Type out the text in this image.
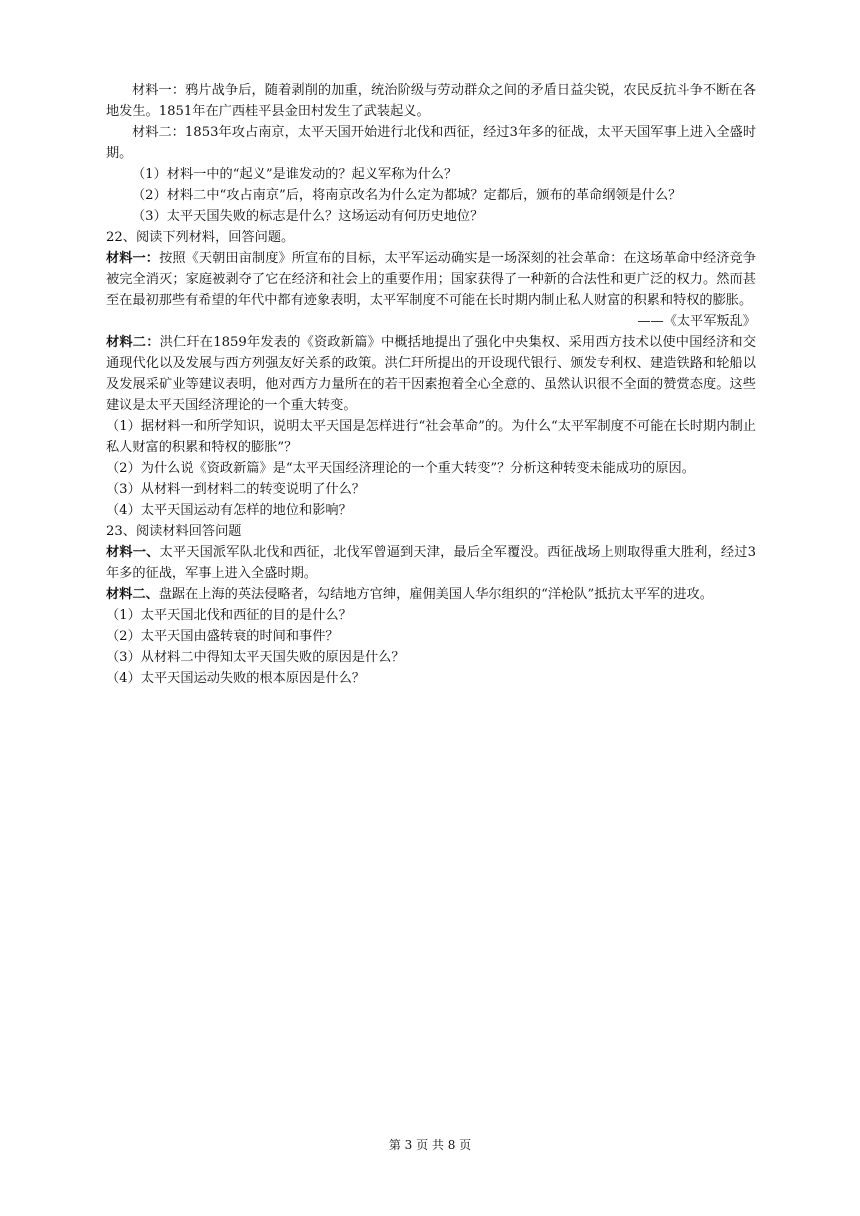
材料一：鸦片战争后，随着剥削的加重，统治阶级与劳动群众之间的矛盾日益尖锐，农民反抗斗争不断在各地发生。1851年在广西桂平县金田村发生了武装起义。

材料二：1853年攻占南京，太平天国开始进行北伐和西征，经过3年多的征战，太平天国军事上进入全盛时期。

（1）材料一中的“起义”是谁发动的？起义军称为什么？

（2）材料二中“攻占南京”后，将南京改名为什么定为都城？定都后，颁布的革命纲领是什么？

（3）太平天国失败的标志是什么？这场运动有何历史地位？

22、阅读下列材料，回答问题。

材料一：按照《天朝田亩制度》所宣布的目标，太平军运动确实是一场深刻的社会革命：在这场革命中经济竞争被完全消灭；家庭被剥夺了它在经济和社会上的重要作用；国家获得了一种新的合法性和更广泛的权力。然而甚至在最初那些有希望的年代中都有迹象表明，太平军制度不可能在长时期内制止私人财富的积累和特权的膨胀。

——《太平军叛乱》

材料二：洪仁玕在1859年发表的《资政新篇》中概括地提出了强化中央集权、采用西方技术以使中国经济和交通现代化以及发展与西方列强友好关系的政策。洪仁玕所提出的开设现代银行、颁发专利权、建造铁路和轮船以及发展采矿业等建议表明，他对西方力量所在的若干因素抱着全心全意的、虽然认识很不全面的赞赏态度。这些建议是太平天国经济理论的一个重大转变。

（1）据材料一和所学知识，说明太平天国是怎样进行“社会革命”的。为什么“太平军制度不可能在长时期内制止私人财富的积累和特权的膨胀”？

（2）为什么说《资政新篇》是“太平天国经济理论的一个重大转变”？分析这种转变未能成功的原因。

（3）从材料一到材料二的转变说明了什么？

（4）太平天国运动有怎样的地位和影响？

23、阅读材料回答问题

材料一、太平天国派军队北伐和西征，北伐军曾逼到天津，最后全军覆没。西征战场上则取得重大胜利，经过3年多的征战，军事上进入全盛时期。

材料二、盘踞在上海的英法侵略者，勾结地方官绅，雇佣美国人华尔组织的“洋枪队”抵抗太平军的进攻。

（1）太平天国北伐和西征的目的是什么？

（2）太平天国由盛转衰的时间和事件？

（3）从材料二中得知太平天国失败的原因是什么？

（4）太平天国运动失败的根本原因是什么？

第 3 页 共 8 页
